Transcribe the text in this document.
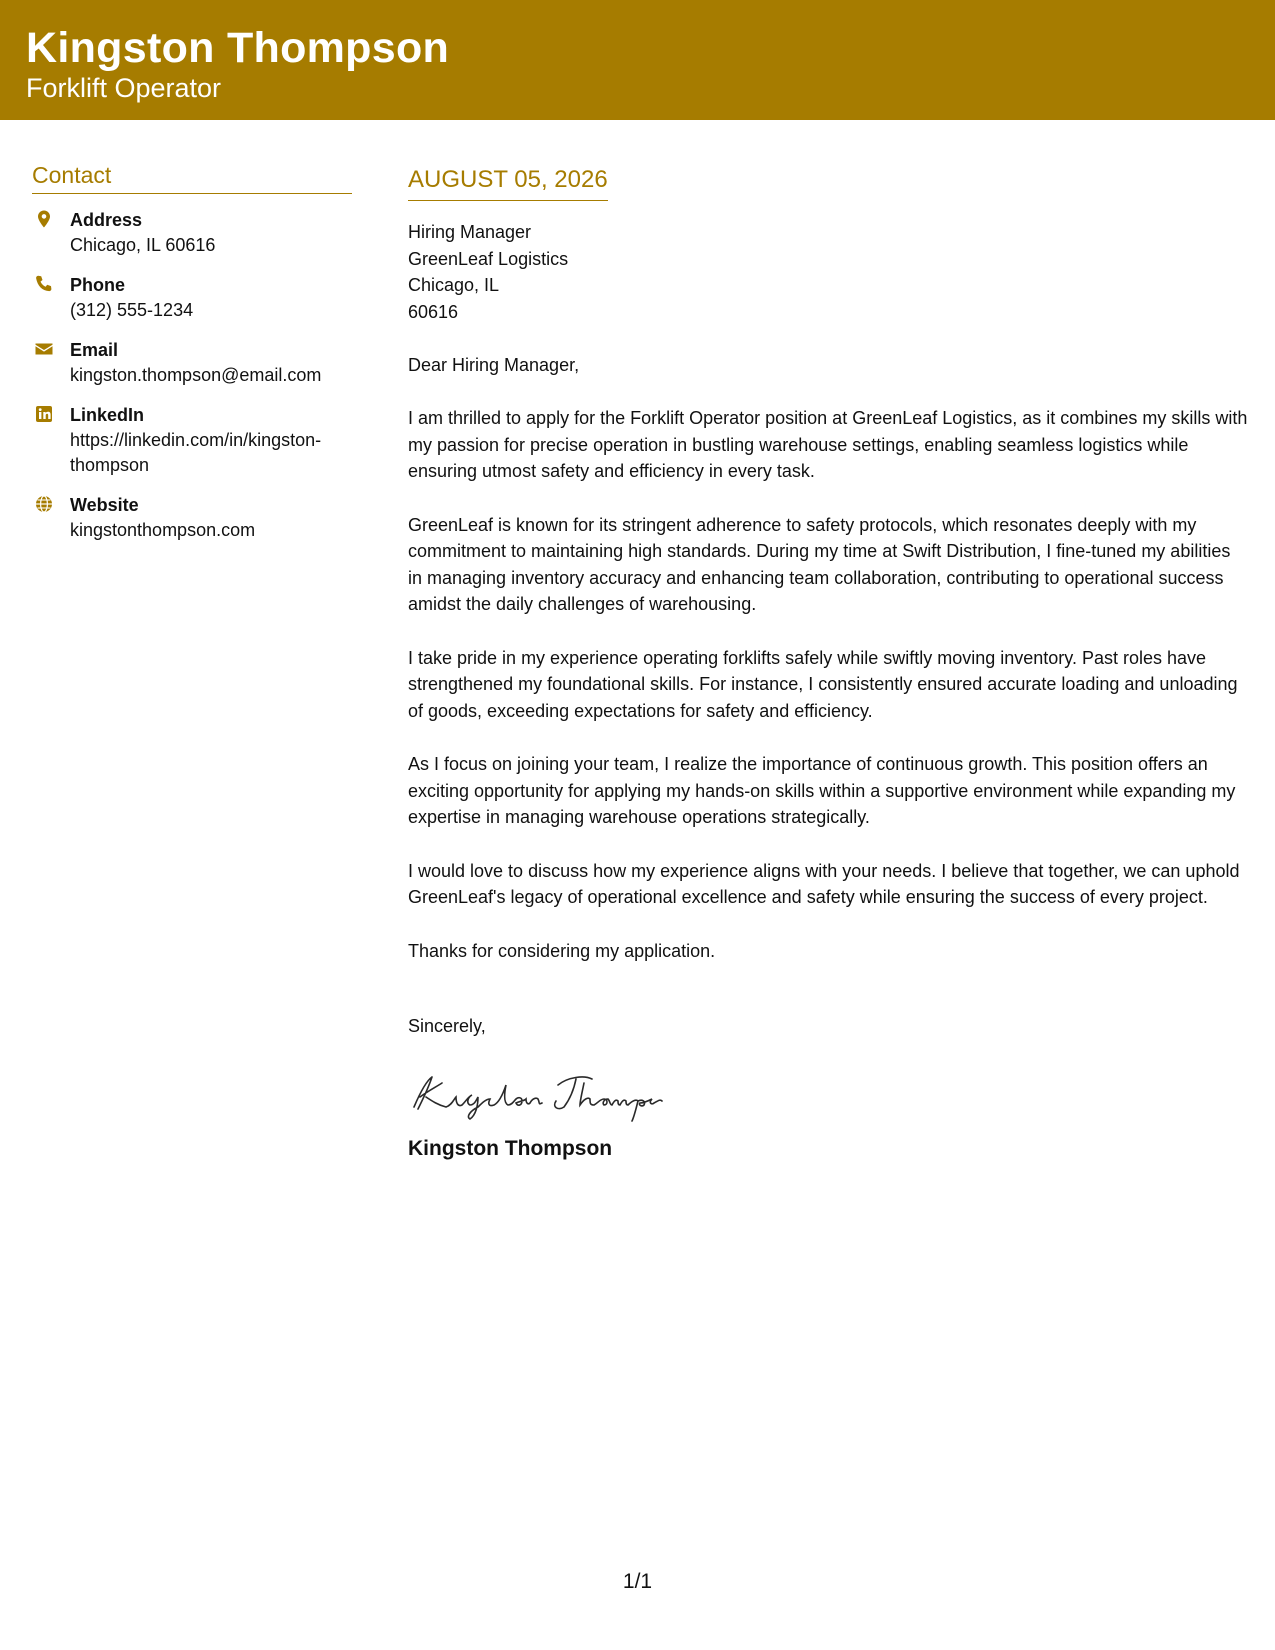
Kingston Thompson
Forklift Operator
Contact
Address
Chicago, IL 60616
Phone
(312) 555-1234
Email
kingston.thompson@email.com
LinkedIn
https://linkedin.com/in/kingston-thompson
Website
kingstonthompson.com
AUGUST 05, 2026
Hiring Manager
GreenLeaf Logistics
Chicago, IL
60616
Dear Hiring Manager,
I am thrilled to apply for the Forklift Operator position at GreenLeaf Logistics, as it combines my skills with my passion for precise operation in bustling warehouse settings, enabling seamless logistics while ensuring utmost safety and efficiency in every task.
GreenLeaf is known for its stringent adherence to safety protocols, which resonates deeply with my commitment to maintaining high standards. During my time at Swift Distribution, I fine-tuned my abilities in managing inventory accuracy and enhancing team collaboration, contributing to operational success amidst the daily challenges of warehousing.
I take pride in my experience operating forklifts safely while swiftly moving inventory. Past roles have strengthened my foundational skills. For instance, I consistently ensured accurate loading and unloading of goods, exceeding expectations for safety and efficiency.
As I focus on joining your team, I realize the importance of continuous growth. This position offers an exciting opportunity for applying my hands-on skills within a supportive environment while expanding my expertise in managing warehouse operations strategically.
I would love to discuss how my experience aligns with your needs. I believe that together, we can uphold GreenLeaf's legacy of operational excellence and safety while ensuring the success of every project.
Thanks for considering my application.
Sincerely,
Kingston Thompson
1/1
